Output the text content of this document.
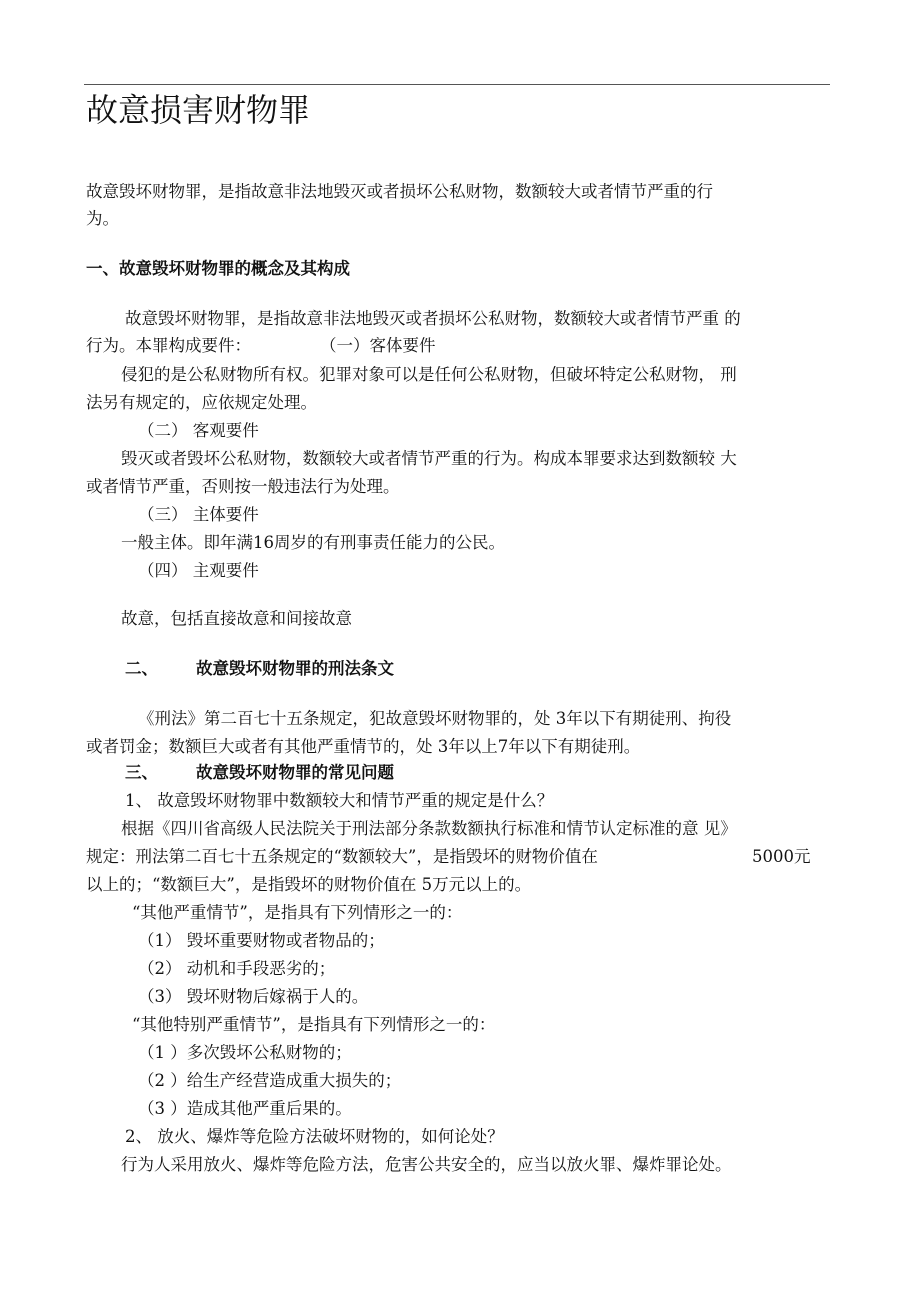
故意损害财物罪
故意毁坏财物罪，是指故意非法地毁灭或者损坏公私财物，数额较大或者情节严重的行
为。
一、故意毁坏财物罪的概念及其构成
故意毁坏财物罪，是指故意非法地毁灭或者损坏公私财物，数额较大或者情节严重 的
行为。本罪构成要件：	（一）客体要件
侵犯的是公私财物所有权。犯罪对象可以是任何公私财物，但破坏特定公私财物， 刑
法另有规定的，应依规定处理。
（二） 客观要件
毁灭或者毁坏公私财物，数额较大或者情节严重的行为。构成本罪要求达到数额较 大
或者情节严重，否则按一般违法行为处理。
（三） 主体要件
一般主体。即年满16周岁的有刑事责任能力的公民。
（四） 主观要件
故意，包括直接故意和间接故意
二、 故意毁坏财物罪的刑法条文
《刑法》第二百七十五条规定，犯故意毁坏财物罪的，处 3年以下有期徒刑、拘役
或者罚金；数额巨大或者有其他严重情节的，处 3年以上7年以下有期徒刑。
三、 故意毁坏财物罪的常见问题
1、 故意毁坏财物罪中数额较大和情节严重的规定是什么？
根据《四川省高级人民法院关于刑法部分条款数额执行标准和情节认定标准的意 见》
规定：刑法第二百七十五条规定的“数额较大”，是指毁坏的财物价值在	5000元
以上的；“数额巨大”，是指毁坏的财物价值在 5万元以上的。
“其他严重情节”，是指具有下列情形之一的：
（1） 毁坏重要财物或者物品的；
（2） 动机和手段恶劣的；
（3） 毁坏财物后嫁祸于人的。
“其他特别严重情节”，是指具有下列情形之一的：
（1 ）多次毁坏公私财物的；
（2 ）给生产经营造成重大损失的；
（3 ）造成其他严重后果的。
2、 放火、爆炸等危险方法破坏财物的，如何论处？
行为人采用放火、爆炸等危险方法，危害公共安全的，应当以放火罪、爆炸罪论处。
